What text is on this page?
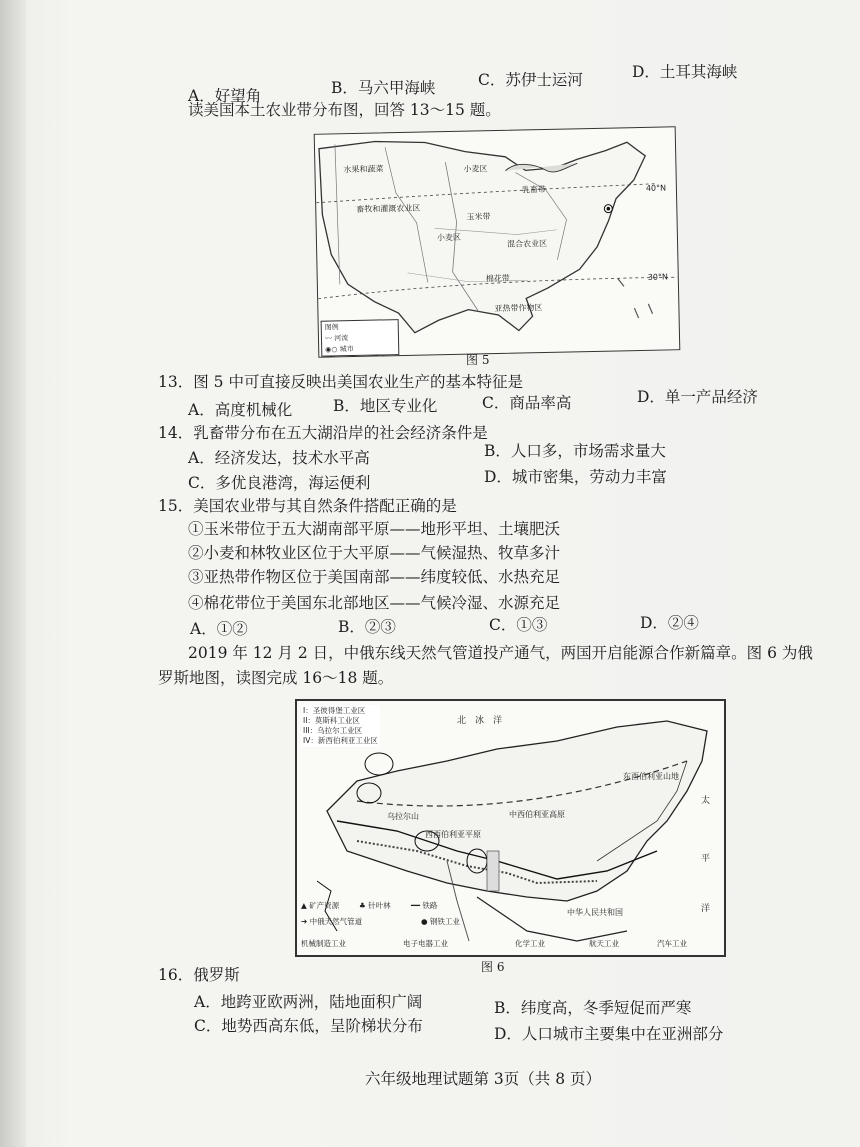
A．好望角	B．马六甲海峡	C．苏伊士运河	D．土耳其海峡
读美国本土农业带分布图，回答 13～15 题。
水果和蔬菜	小麦区
乳畜带
畜牧和灌溉农业区
玉米带
小麦区
混合农业区
棉花带
亚热带作物区
40°N
30°N
图例
〰 河流
◉○ 城市
图 5
13．图 5 中可直接反映出美国农业生产的基本特征是
A．高度机械化	B．地区专业化	C．商品率高	D．单一产品经济
14．乳畜带分布在五大湖沿岸的社会经济条件是
A．经济发达，技术水平高	B．人口多，市场需求量大
C．多优良港湾，海运便利	D．城市密集，劳动力丰富
15．美国农业带与其自然条件搭配正确的是
①玉米带位于五大湖南部平原——地形平坦、土壤肥沃
②小麦和林牧业区位于大平原——气候湿热、牧草多汁
③亚热带作物区位于美国南部——纬度较低、水热充足
④棉花带位于美国东北部地区——气候冷湿、水源充足
A．①②	B．②③	C．①③	D．②④
2019 年 12 月 2 日，中俄东线天然气管道投产通气，两国开启能源合作新篇章。图 6 为俄
罗斯地图，读图完成 16～18 题。
I：圣彼得堡工业区
II：莫斯科工业区
III：乌拉尔工业区
IV：新西伯利亚工业区
北　冰　洋
乌拉尔山
西西伯利亚平原
中西伯利亚高原
东西伯利亚山地
中华人民共和国
太
平
洋
▲ 矿产资源	♣ 针叶林	━━ 铁路
➔ 中俄天然气管道	● 钢铁工业
机械制造工业	电子电器工业	化学工业	航天工业	汽车工业
图 6
16．俄罗斯
A．地跨亚欧两洲，陆地面积广阔	B．纬度高，冬季短促而严寒
C．地势西高东低，呈阶梯状分布	D．人口城市主要集中在亚洲部分
六年级地理试题第 3页（共 8 页）
